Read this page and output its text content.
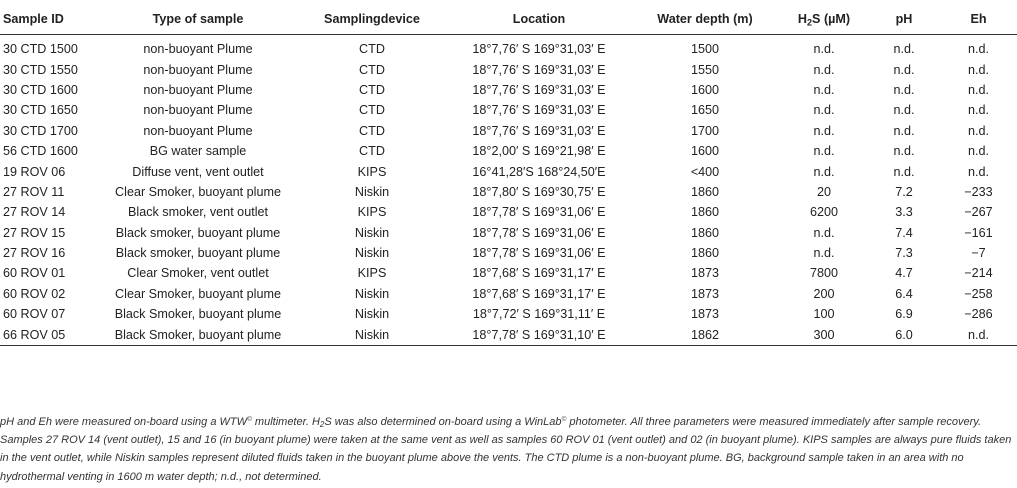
Sample ID	Type of sample	Samplingdevice	Location	Water depth (m)	$H_2S$ (µM)	pH	Eh
30 CTD 1500	non-buoyant Plume	CTD	18°7,76′ S 169°31,03′ E	1500	n.d.	n.d.	n.d.
30 CTD 1550	non-buoyant Plume	CTD	18°7,76′ S 169°31,03′ E	1550	n.d.	n.d.	n.d.
30 CTD 1600	non-buoyant Plume	CTD	18°7,76′ S 169°31,03′ E	1600	n.d.	n.d.	n.d.
30 CTD 1650	non-buoyant Plume	CTD	18°7,76′ S 169°31,03′ E	1650	n.d.	n.d.	n.d.
30 CTD 1700	non-buoyant Plume	CTD	18°7,76′ S 169°31,03′ E	1700	n.d.	n.d.	n.d.
56 CTD 1600	BG water sample	CTD	18°2,00′ S 169°21,98′ E	1600	n.d.	n.d.	n.d.
19 ROV 06	Diffuse vent, vent outlet	KIPS	16°41,28′S 168°24,50′E	<400	n.d.	n.d.	n.d.
27 ROV 11	Clear Smoker, buoyant plume	Niskin	18°7,80′ S 169°30,75′ E	1860	20	7.2	−233
27 ROV 14	Black smoker, vent outlet	KIPS	18°7,78′ S 169°31,06′ E	1860	6200	3.3	−267
27 ROV 15	Black smoker, buoyant plume	Niskin	18°7,78′ S 169°31,06′ E	1860	n.d.	7.4	−161
27 ROV 16	Black smoker, buoyant plume	Niskin	18°7,78′ S 169°31,06′ E	1860	n.d.	7.3	−7
60 ROV 01	Clear Smoker, vent outlet	KIPS	18°7,68′ S 169°31,17′ E	1873	7800	4.7	−214
60 ROV 02	Clear Smoker, buoyant plume	Niskin	18°7,68′ S 169°31,17′ E	1873	200	6.4	−258
60 ROV 07	Black Smoker, buoyant plume	Niskin	18°7,72′ S 169°31,11′ E	1873	100	6.9	−286
66 ROV 05	Black Smoker, buoyant plume	Niskin	18°7,78′ S 169°31,10′ E	1862	300	6.0	n.d.

pH and Eh were measured on-board using a WTW© multimeter. $H_2S$ was also determined on-board using a WinLab© photometer. All three parameters were measured immediately after sample recovery. Samples 27 ROV 14 (vent outlet), 15 and 16 (in buoyant plume) were taken at the same vent as well as samples 60 ROV 01 (vent outlet) and 02 (in buoyant plume). KIPS samples are always pure fluids taken in the vent outlet, while Niskin samples represent diluted fluids taken in the buoyant plume above the vents. The CTD plume is a non-buoyant plume. BG, background sample taken in an area with no hydrothermal venting in 1600 m water depth; n.d., not determined.
